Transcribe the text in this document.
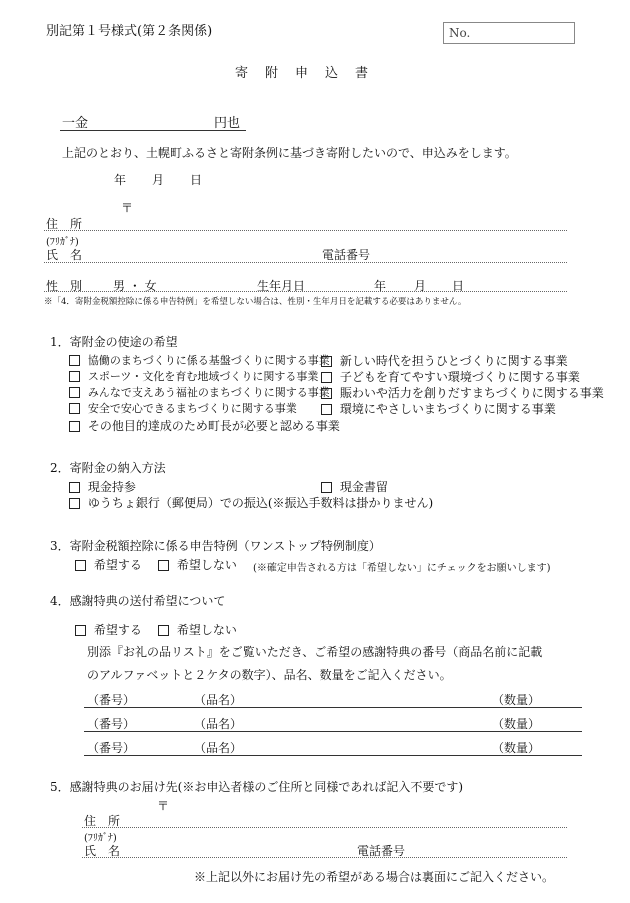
別記第１号様式(第２条関係)	No.
寄　附　申　込　書
一金	円也
上記のとおり、土幌町ふるさと寄附条例に基づき寄附したいので、申込みをします。
年 月 日
〒
住　所
(ﾌﾘｶﾞﾅ)
氏　名	電話番号
性　別	男 ・ 女	生年月日	年 月 日
※「4．寄附金税額控除に係る申告特例」を希望しない場合は、性別・生年月日を記載する必要はありません。
1．寄附金の使途の希望
協働のまちづくりに係る基盤づくりに関する事業
スポーツ・文化を育む地域づくりに関する事業
みんなで支えあう福祉のまちづくりに関する事業
安全で安心できるまちづくりに関する事業
新しい時代を担うひとづくりに関する事業
子どもを育てやすい環境づくりに関する事業
賑わいや活力を創りだすまちづくりに関する事業
環境にやさしいまちづくりに関する事業
その他目的達成のため町長が必要と認める事業
2．寄附金の納入方法
現金持参	現金書留
ゆうちょ銀行（郵便局）での振込(※振込手数料は掛かりません)
3．寄附金税額控除に係る申告特例（ワンストップ特例制度）
希望する	希望しない (※確定申告される方は「希望しない」にチェックをお願いします)
4．感謝特典の送付希望について
希望する	希望しない
別添『お礼の品リスト』をご覧いただき、ご希望の感謝特典の番号（商品名前に記載
のアルファベットと２ケタの数字）、品名、数量をご記入ください。
（番号）	（品名）	（数量）
（番号）	（品名）	（数量）
（番号）	（品名）	（数量）
5．感謝特典のお届け先(※お申込者様のご住所と同様であれば記入不要です)
〒
住　所
(ﾌﾘｶﾞﾅ)
氏　名	電話番号
※上記以外にお届け先の希望がある場合は裏面にご記入ください。
